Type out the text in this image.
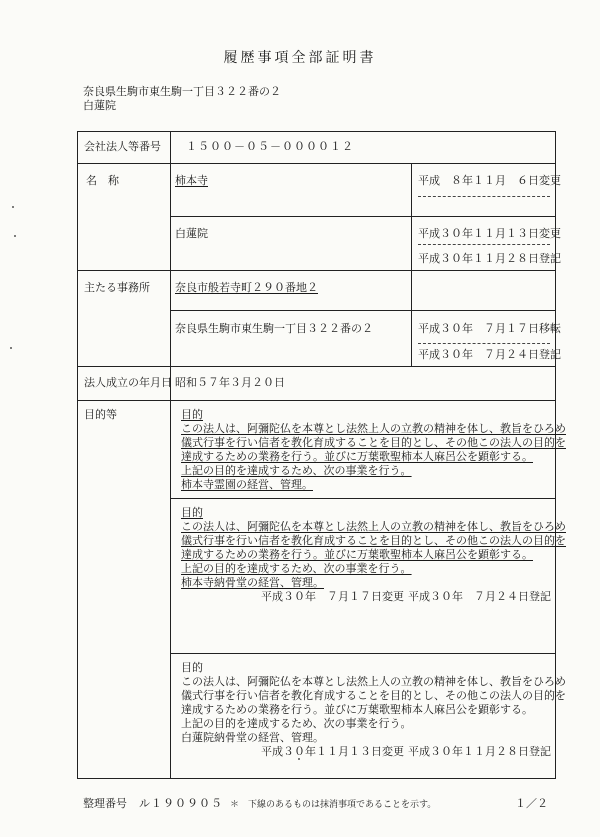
履歴事項全部証明書
奈良県生駒市東生駒一丁目３２２番の２
白蓮院
会社法人等番号 １５００－０５－００００１２
名　称	柿本寺	平成　８年１１月　６日変更
白蓮院	平成３０年１１月１３日変更
平成３０年１１月２８日登記
主たる事務所 奈良市般若寺町２９０番地２
奈良県生駒市東生駒一丁目３２２番の２	平成３０年　７月１７日移転
平成３０年　７月２４日登記
法人成立の年月日 昭和５７年３月２０日
目的等	目的
この法人は、阿彌陀仏を本尊とし法然上人の立教の精神を体し、教旨をひろめ
儀式行事を行い信者を教化育成することを目的とし、その他この法人の目的を
達成するための業務を行う。並びに万葉歌聖柿本人麻呂公を顕彰する。
上記の目的を達成するため、次の事業を行う。
柿本寺霊園の経営、管理。
目的
この法人は、阿彌陀仏を本尊とし法然上人の立教の精神を体し、教旨をひろめ
儀式行事を行い信者を教化育成することを目的とし、その他この法人の目的を
達成するための業務を行う。並びに万葉歌聖柿本人麻呂公を顕彰する。
上記の目的を達成するため、次の事業を行う。
柿本寺納骨堂の経営、管理。
平成３０年　７月１７日変更 平成３０年　７月２４日登記
目的
この法人は、阿彌陀仏を本尊とし法然上人の立教の精神を体し、教旨をひろめ
儀式行事を行い信者を教化育成することを目的とし、その他この法人の目的を
達成するための業務を行う。並びに万葉歌聖柿本人麻呂公を顕彰する。
上記の目的を達成するため、次の事業を行う。
白蓮院納骨堂の経営、管理。
平成３０年１１月１３日変更 平成３０年１１月２８日登記
整理番号 ル１９０９０５ ＊　下線のあるものは抹消事項であることを示す。	１／２
